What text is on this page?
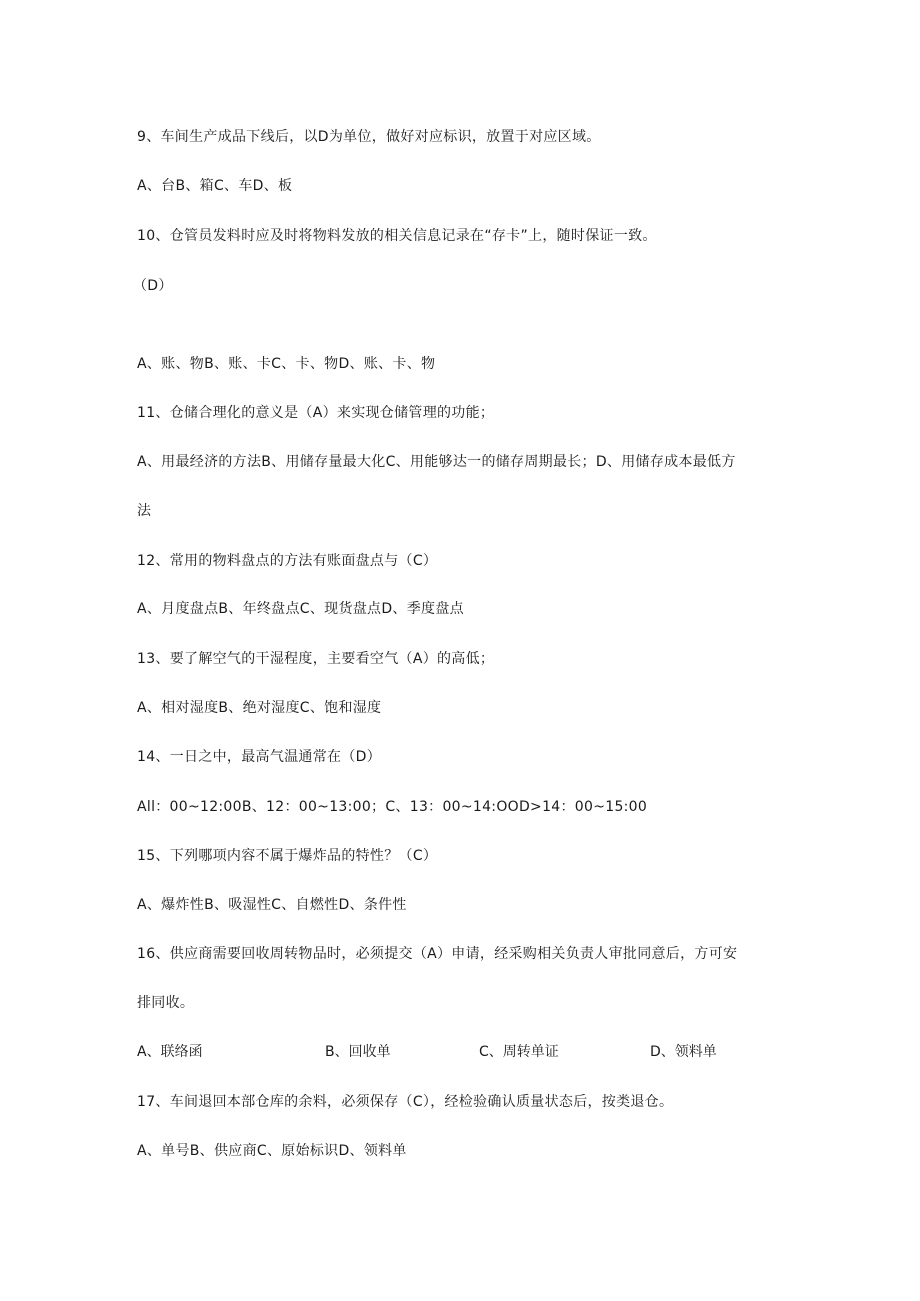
9、车间生产成品下线后，以D为单位，做好对应标识，放置于对应区域。
A、台B、箱C、车D、板
10、仓管员发料时应及时将物料发放的相关信息记录在“存卡”上，随时保证一致。
（D）
A、账、物B、账、卡C、卡、物D、账、卡、物
11、仓储合理化的意义是（A）来实现仓储管理的功能；
A、用最经济的方法B、用储存量最大化C、用能够达一的储存周期最长；D、用储存成本最低方
法
12、常用的物料盘点的方法有账面盘点与（C）
A、月度盘点B、年终盘点C、现货盘点D、季度盘点
13、要了解空气的干湿程度，主要看空气（A）的高低；
A、相对湿度B、绝对湿度C、饱和湿度
14、一日之中，最高气温通常在（D）
All：00~12:00B、12：00~13:00；C、13：00~14:OOD>14：00~15:00
15、下列哪项内容不属于爆炸品的特性？（C）
A、爆炸性B、吸湿性C、自燃性D、条件性
16、供应商需要回收周转物品时，必须提交（A）申请，经采购相关负责人审批同意后，方可安
排同收。
A、联络函	B、回收单	C、周转单证	D、领料单
17、车间退回本部仓库的余料，必须保存（C），经检验确认质量状态后，按类退仓。
A、单号B、供应商C、原始标识D、领料单
